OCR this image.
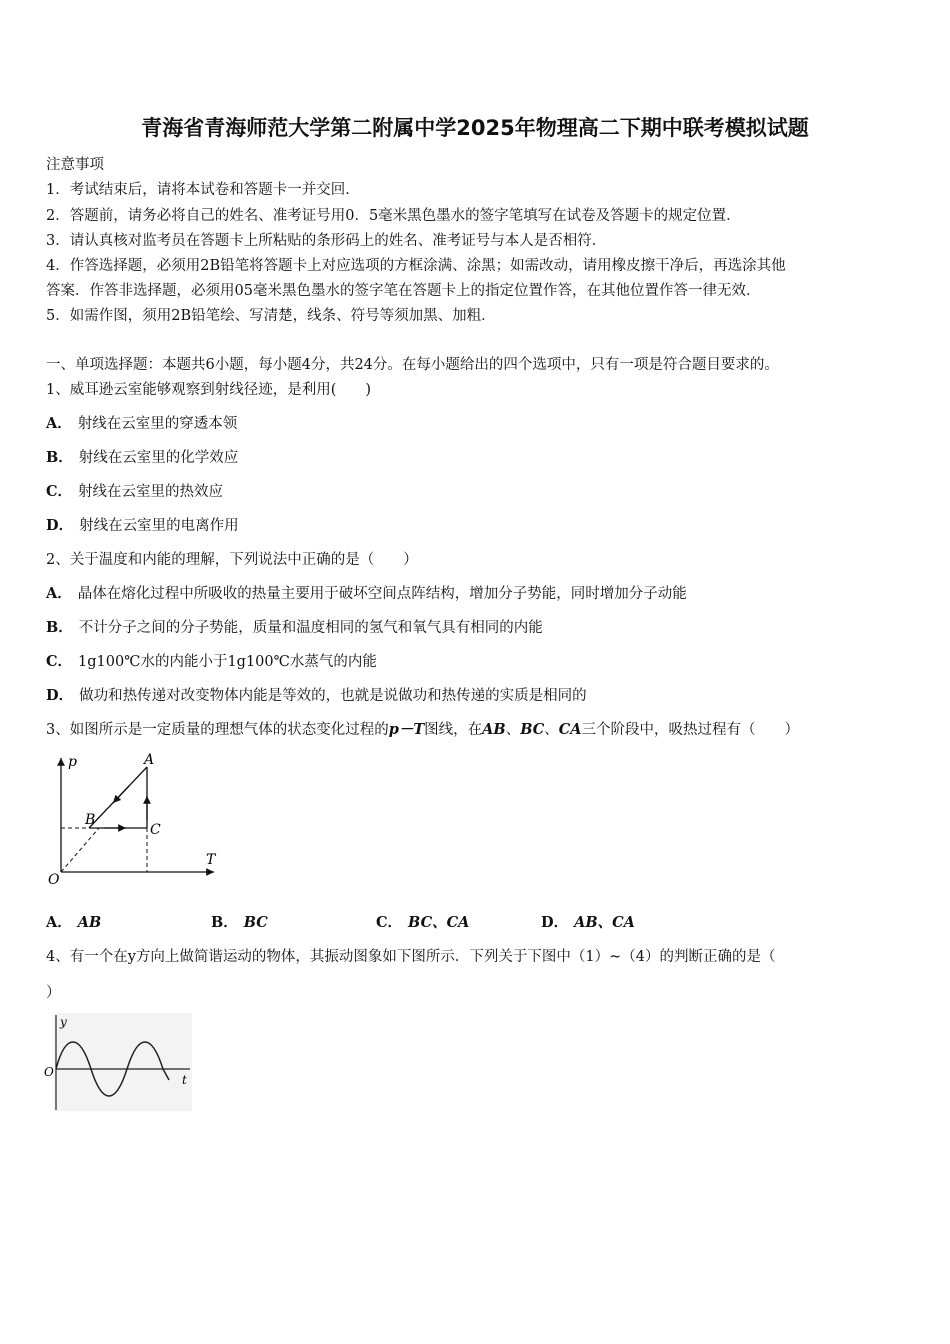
青海省青海师范大学第二附属中学2025年物理高二下期中联考模拟试题
注意事项
1．考试结束后，请将本试卷和答题卡一并交回．
2．答题前，请务必将自己的姓名、准考证号用0．5毫米黑色墨水的签字笔填写在试卷及答题卡的规定位置．
3．请认真核对监考员在答题卡上所粘贴的条形码上的姓名、准考证号与本人是否相符．
4．作答选择题，必须用2B铅笔将答题卡上对应选项的方框涂满、涂黑；如需改动，请用橡皮擦干净后，再选涂其他
答案．作答非选择题，必须用05毫米黑色墨水的签字笔在答题卡上的指定位置作答，在其他位置作答一律无效．
5．如需作图，须用2B铅笔绘、写清楚，线条、符号等须加黑、加粗．
一、单项选择题：本题共6小题，每小题4分，共24分。在每小题给出的四个选项中，只有一项是符合题目要求的。
1、威耳逊云室能够观察到射线径迹，是利用(　　)
A． 射线在云室里的穿透本领
B． 射线在云室里的化学效应
C． 射线在云室里的热效应
D． 射线在云室里的电离作用
2、关于温度和内能的理解，下列说法中正确的是（　　）
A． 晶体在熔化过程中所吸收的热量主要用于破坏空间点阵结构，增加分子势能，同时增加分子动能
B． 不计分子之间的分子势能，质量和温度相同的氢气和氧气具有相同的内能
C． 1g100℃水的内能小于1g100℃水蒸气的内能
D． 做功和热传递对改变物体内能是等效的，也就是说做功和热传递的实质是相同的
3、如图所示是一定质量的理想气体的状态变化过程的p－T图线，在AB、BC、CA三个阶段中，吸热过程有（　　）
p
T
O
A
B
C
A． AB	B． BC	C． BC、CA	D． AB、CA
4、有一个在y方向上做简谐运动的物体，其振动图象如下图所示．下列关于下图中（1）~（4）的判断正确的是（
）
y
t
O
